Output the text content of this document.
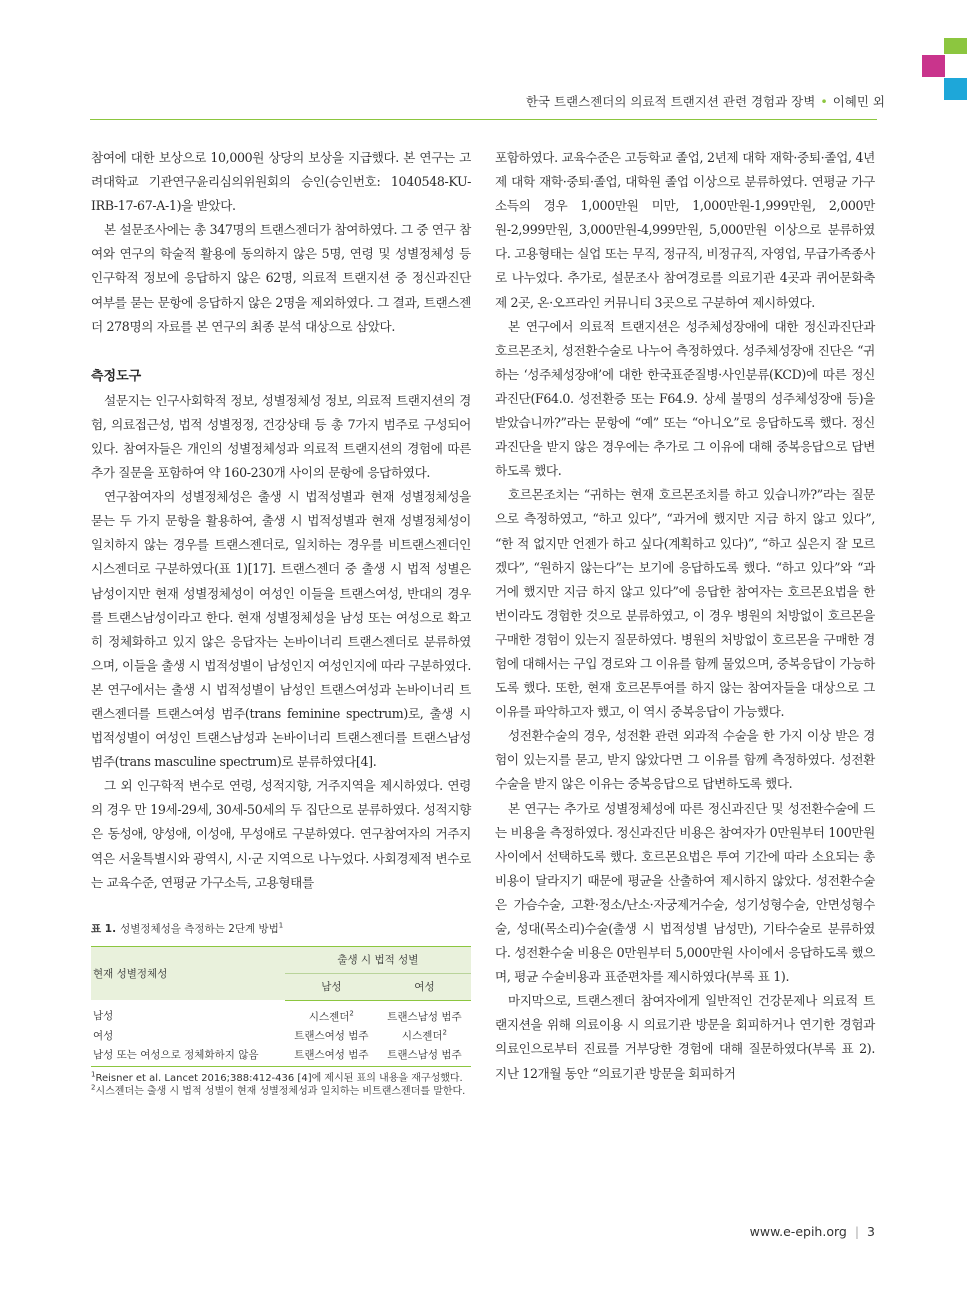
한국 트랜스젠더의 의료적 트랜지션 관련 경험과 장벽 • 이혜민 외

참여에 대한 보상으로 10,000원 상당의 보상을 지급했다. 본 연구는 고려대학교 기관연구윤리심의위원회의 승인(승인번호: 1040548-KU-IRB-17-67-A-1)을 받았다.

본 설문조사에는 총 347명의 트랜스젠더가 참여하였다. 그 중 연구 참여와 연구의 학술적 활용에 동의하지 않은 5명, 연령 및 성별정체성 등 인구학적 정보에 응답하지 않은 62명, 의료적 트랜지션 중 정신과진단 여부를 묻는 문항에 응답하지 않은 2명을 제외하였다. 그 결과, 트랜스젠더 278명의 자료를 본 연구의 최종 분석 대상으로 삼았다.

측정도구

설문지는 인구사회학적 정보, 성별정체성 정보, 의료적 트랜지션의 경험, 의료접근성, 법적 성별정정, 건강상태 등 총 7가지 범주로 구성되어 있다. 참여자들은 개인의 성별정체성과 의료적 트랜지션의 경험에 따른 추가 질문을 포함하여 약 160-230개 사이의 문항에 응답하였다.

연구참여자의 성별정체성은 출생 시 법적성별과 현재 성별정체성을 묻는 두 가지 문항을 활용하여, 출생 시 법적성별과 현재 성별정체성이 일치하지 않는 경우를 트랜스젠더로, 일치하는 경우를 비트랜스젠더인 시스젠더로 구분하였다(표 1)[17]. 트랜스젠더 중 출생 시 법적 성별은 남성이지만 현재 성별정체성이 여성인 이들을 트랜스여성, 반대의 경우를 트랜스남성이라고 한다. 현재 성별정체성을 남성 또는 여성으로 확고히 정체화하고 있지 않은 응답자는 논바이너리 트랜스젠더로 분류하였으며, 이들을 출생 시 법적성별이 남성인지 여성인지에 따라 구분하였다. 본 연구에서는 출생 시 법적성별이 남성인 트랜스여성과 논바이너리 트랜스젠더를 트랜스여성 범주(trans feminine spectrum)로, 출생 시 법적성별이 여성인 트랜스남성과 논바이너리 트랜스젠더를 트랜스남성 범주(trans masculine spectrum)로 분류하였다[4].

그 외 인구학적 변수로 연령, 성적지향, 거주지역을 제시하였다. 연령의 경우 만 19세-29세, 30세-50세의 두 집단으로 분류하였다. 성적지향은 동성애, 양성애, 이성애, 무성애로 구분하였다. 연구참여자의 거주지역은 서울특별시와 광역시, 시·군 지역으로 나누었다. 사회경제적 변수로는 교육수준, 연평균 가구소득, 고용형태를

표 1. 성별정체성을 측정하는 2단계 방법$^1$
현재 성별정체성	출생 시 법적 성별	
	남성	여성
남성	시스젠더$^2$	트랜스남성 범주
여성	트랜스여성 범주	시스젠더$^2$
남성 또는 여성으로 정체화하지 않음	트랜스여성 범주	트랜스남성 범주
$^1$Reisner et al. Lancet 2016;388:412-436 [4]에 제시된 표의 내용을 재구성했다.
$^2$시스젠더는 출생 시 법적 성별이 현재 성별정체성과 일치하는 비트랜스젠더를 말한다.

포함하였다. 교육수준은 고등학교 졸업, 2년제 대학 재학·중퇴·졸업, 4년제 대학 재학·중퇴·졸업, 대학원 졸업 이상으로 분류하였다. 연평균 가구소득의 경우 1,000만원 미만, 1,000만원-1,999만원, 2,000만원-2,999만원, 3,000만원-4,999만원, 5,000만원 이상으로 분류하였다. 고용형태는 실업 또는 무직, 정규직, 비정규직, 자영업, 무급가족종사로 나누었다. 추가로, 설문조사 참여경로를 의료기관 4곳과 퀴어문화축제 2곳, 온·오프라인 커뮤니티 3곳으로 구분하여 제시하였다.

본 연구에서 의료적 트랜지션은 성주체성장애에 대한 정신과진단과 호르몬조치, 성전환수술로 나누어 측정하였다. 성주체성장애 진단은 “귀하는 ‘성주체성장애’에 대한 한국표준질병·사인분류(KCD)에 따른 정신과진단(F64.0. 성전환증 또는 F64.9. 상세 불명의 성주체성장애 등)을 받았습니까?”라는 문항에 “예” 또는 “아니오”로 응답하도록 했다. 정신과진단을 받지 않은 경우에는 추가로 그 이유에 대해 중복응답으로 답변하도록 했다.

호르몬조치는 “귀하는 현재 호르몬조치를 하고 있습니까?”라는 질문으로 측정하였고, “하고 있다”, “과거에 했지만 지금 하지 않고 있다”, “한 적 없지만 언젠가 하고 싶다(계획하고 있다)”, “하고 싶은지 잘 모르겠다”, “원하지 않는다”는 보기에 응답하도록 했다. “하고 있다”와 “과거에 했지만 지금 하지 않고 있다”에 응답한 참여자는 호르몬요법을 한 번이라도 경험한 것으로 분류하였고, 이 경우 병원의 처방없이 호르몬을 구매한 경험이 있는지 질문하였다. 병원의 처방없이 호르몬을 구매한 경험에 대해서는 구입 경로와 그 이유를 함께 물었으며, 중복응답이 가능하도록 했다. 또한, 현재 호르몬투여를 하지 않는 참여자들을 대상으로 그 이유를 파악하고자 했고, 이 역시 중복응답이 가능했다.

성전환수술의 경우, 성전환 관련 외과적 수술을 한 가지 이상 받은 경험이 있는지를 묻고, 받지 않았다면 그 이유를 함께 측정하였다. 성전환수술을 받지 않은 이유는 중복응답으로 답변하도록 했다.

본 연구는 추가로 성별정체성에 따른 정신과진단 및 성전환수술에 드는 비용을 측정하였다. 정신과진단 비용은 참여자가 0만원부터 100만원 사이에서 선택하도록 했다. 호르몬요법은 투여 기간에 따라 소요되는 총 비용이 달라지기 때문에 평균을 산출하여 제시하지 않았다. 성전환수술은 가슴수술, 고환·정소/난소·자궁제거수술, 성기성형수술, 안면성형수술, 성대(목소리)수술(출생 시 법적성별 남성만), 기타수술로 분류하였다. 성전환수술 비용은 0만원부터 5,000만원 사이에서 응답하도록 했으며, 평균 수술비용과 표준편차를 제시하였다(부록 표 1).

마지막으로, 트랜스젠더 참여자에게 일반적인 건강문제나 의료적 트랜지션을 위해 의료이용 시 의료기관 방문을 회피하거나 연기한 경험과 의료인으로부터 진료를 거부당한 경험에 대해 질문하였다(부록 표 2). 지난 12개월 동안 “의료기관 방문을 회피하거

www.e-epih.org | 3
